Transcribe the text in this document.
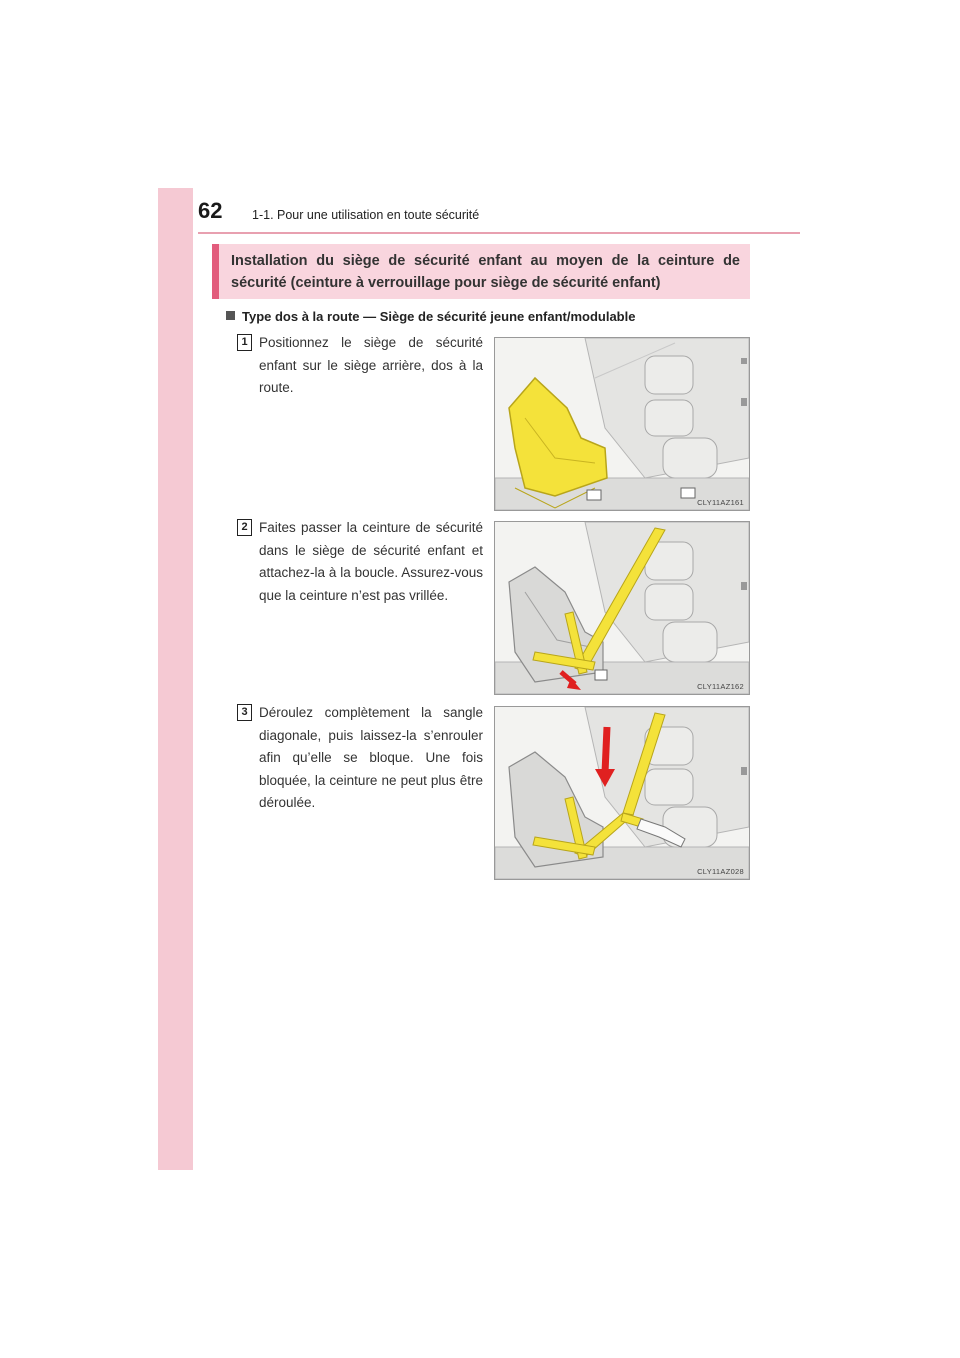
62 1-1. Pour une utilisation en toute sécurité
Installation du siège de sécurité enfant au moyen de la ceinture de sécurité (ceinture à verrouillage pour siège de sécurité enfant)
Type dos à la route — Siège de sécurité jeune enfant/modulable
1 Positionnez le siège de sécurité enfant sur le siège arrière, dos à la route.
CLY11AZ161
2 Faites passer la ceinture de sécurité dans le siège de sécurité enfant et attachez-la à la boucle. Assurez-vous que la ceinture n’est pas vrillée.
CLY11AZ162
3 Déroulez complètement la sangle diagonale, puis laissez-la s’enrouler afin qu’elle se bloque. Une fois bloquée, la ceinture ne peut plus être déroulée.
CLY11AZ028
